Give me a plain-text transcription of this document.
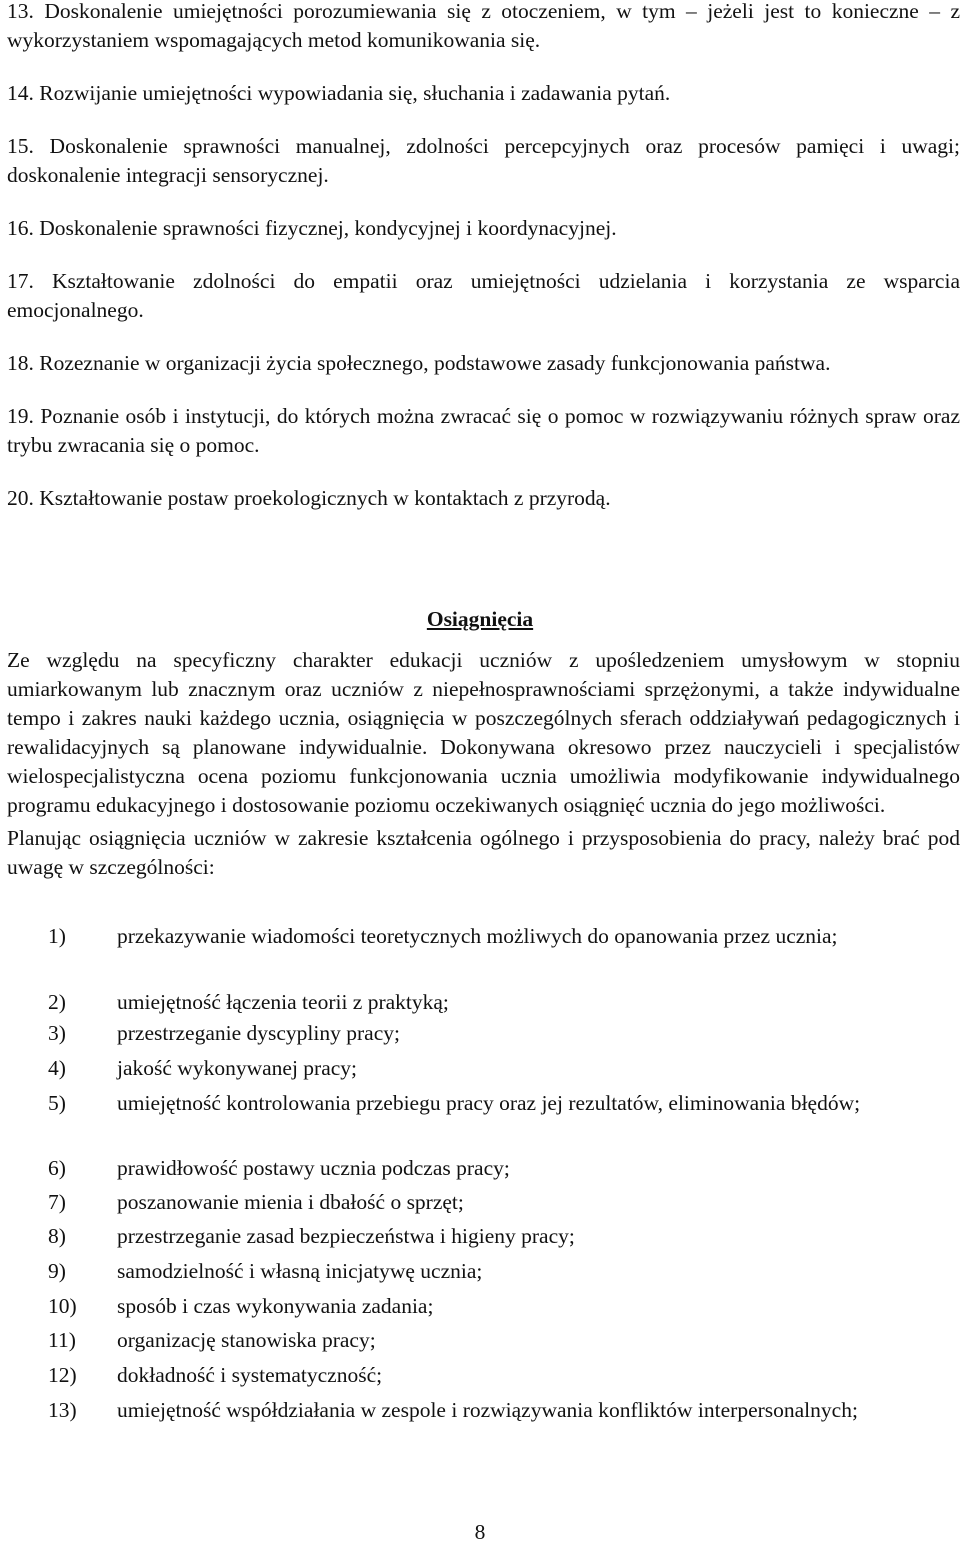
13. Doskonalenie umiejętności porozumiewania się z otoczeniem, w tym – jeżeli jest to konieczne – z wykorzystaniem wspomagających metod komunikowania się.

14. Rozwijanie umiejętności wypowiadania się, słuchania i zadawania pytań.

15. Doskonalenie sprawności manualnej, zdolności percepcyjnych oraz procesów pamięci i uwagi; doskonalenie integracji sensorycznej.

16. Doskonalenie sprawności fizycznej, kondycyjnej i koordynacyjnej.

17. Kształtowanie zdolności do empatii oraz umiejętności udzielania i korzystania ze wsparcia emocjonalnego.

18. Rozeznanie w organizacji życia społecznego, podstawowe zasady funkcjonowania państwa.

19. Poznanie osób i instytucji, do których można zwracać się o pomoc w rozwiązywaniu różnych spraw oraz trybu zwracania się o pomoc.

20. Kształtowanie postaw proekologicznych w kontaktach z przyrodą.

Osiągnięcia

Ze względu na specyficzny charakter edukacji uczniów z upośledzeniem umysłowym w stopniu umiarkowanym lub znacznym oraz uczniów z niepełnosprawnościami sprzężonymi, a także indywidualne tempo i zakres nauki każdego ucznia, osiągnięcia w poszczególnych sferach oddziaływań pedagogicznych i rewalidacyjnych są planowane indywidualnie. Dokonywana okresowo przez nauczycieli i specjalistów wielospecjalistyczna ocena poziomu funkcjonowania ucznia umożliwia modyfikowanie indywidualnego programu edukacyjnego i dostosowanie poziomu oczekiwanych osiągnięć ucznia do jego możliwości.

Planując osiągnięcia uczniów w zakresie kształcenia ogólnego i przysposobienia do pracy, należy brać pod uwagę w szczególności:

1)	przekazywanie wiadomości teoretycznych możliwych do opanowania przez ucznia;
2)	umiejętność łączenia teorii z praktyką;
3)	przestrzeganie dyscypliny pracy;
4)	jakość wykonywanej pracy;
5)	umiejętność kontrolowania przebiegu pracy oraz jej rezultatów, eliminowania błędów;
6)	prawidłowość postawy ucznia podczas pracy;
7)	poszanowanie mienia i dbałość o sprzęt;
8)	przestrzeganie zasad bezpieczeństwa i higieny pracy;
9)	samodzielność i własną inicjatywę ucznia;
10)	sposób i czas wykonywania zadania;
11)	organizację stanowiska pracy;
12)	dokładność i systematyczność;
13)	umiejętność współdziałania w zespole i rozwiązywania konfliktów interpersonalnych;
8
